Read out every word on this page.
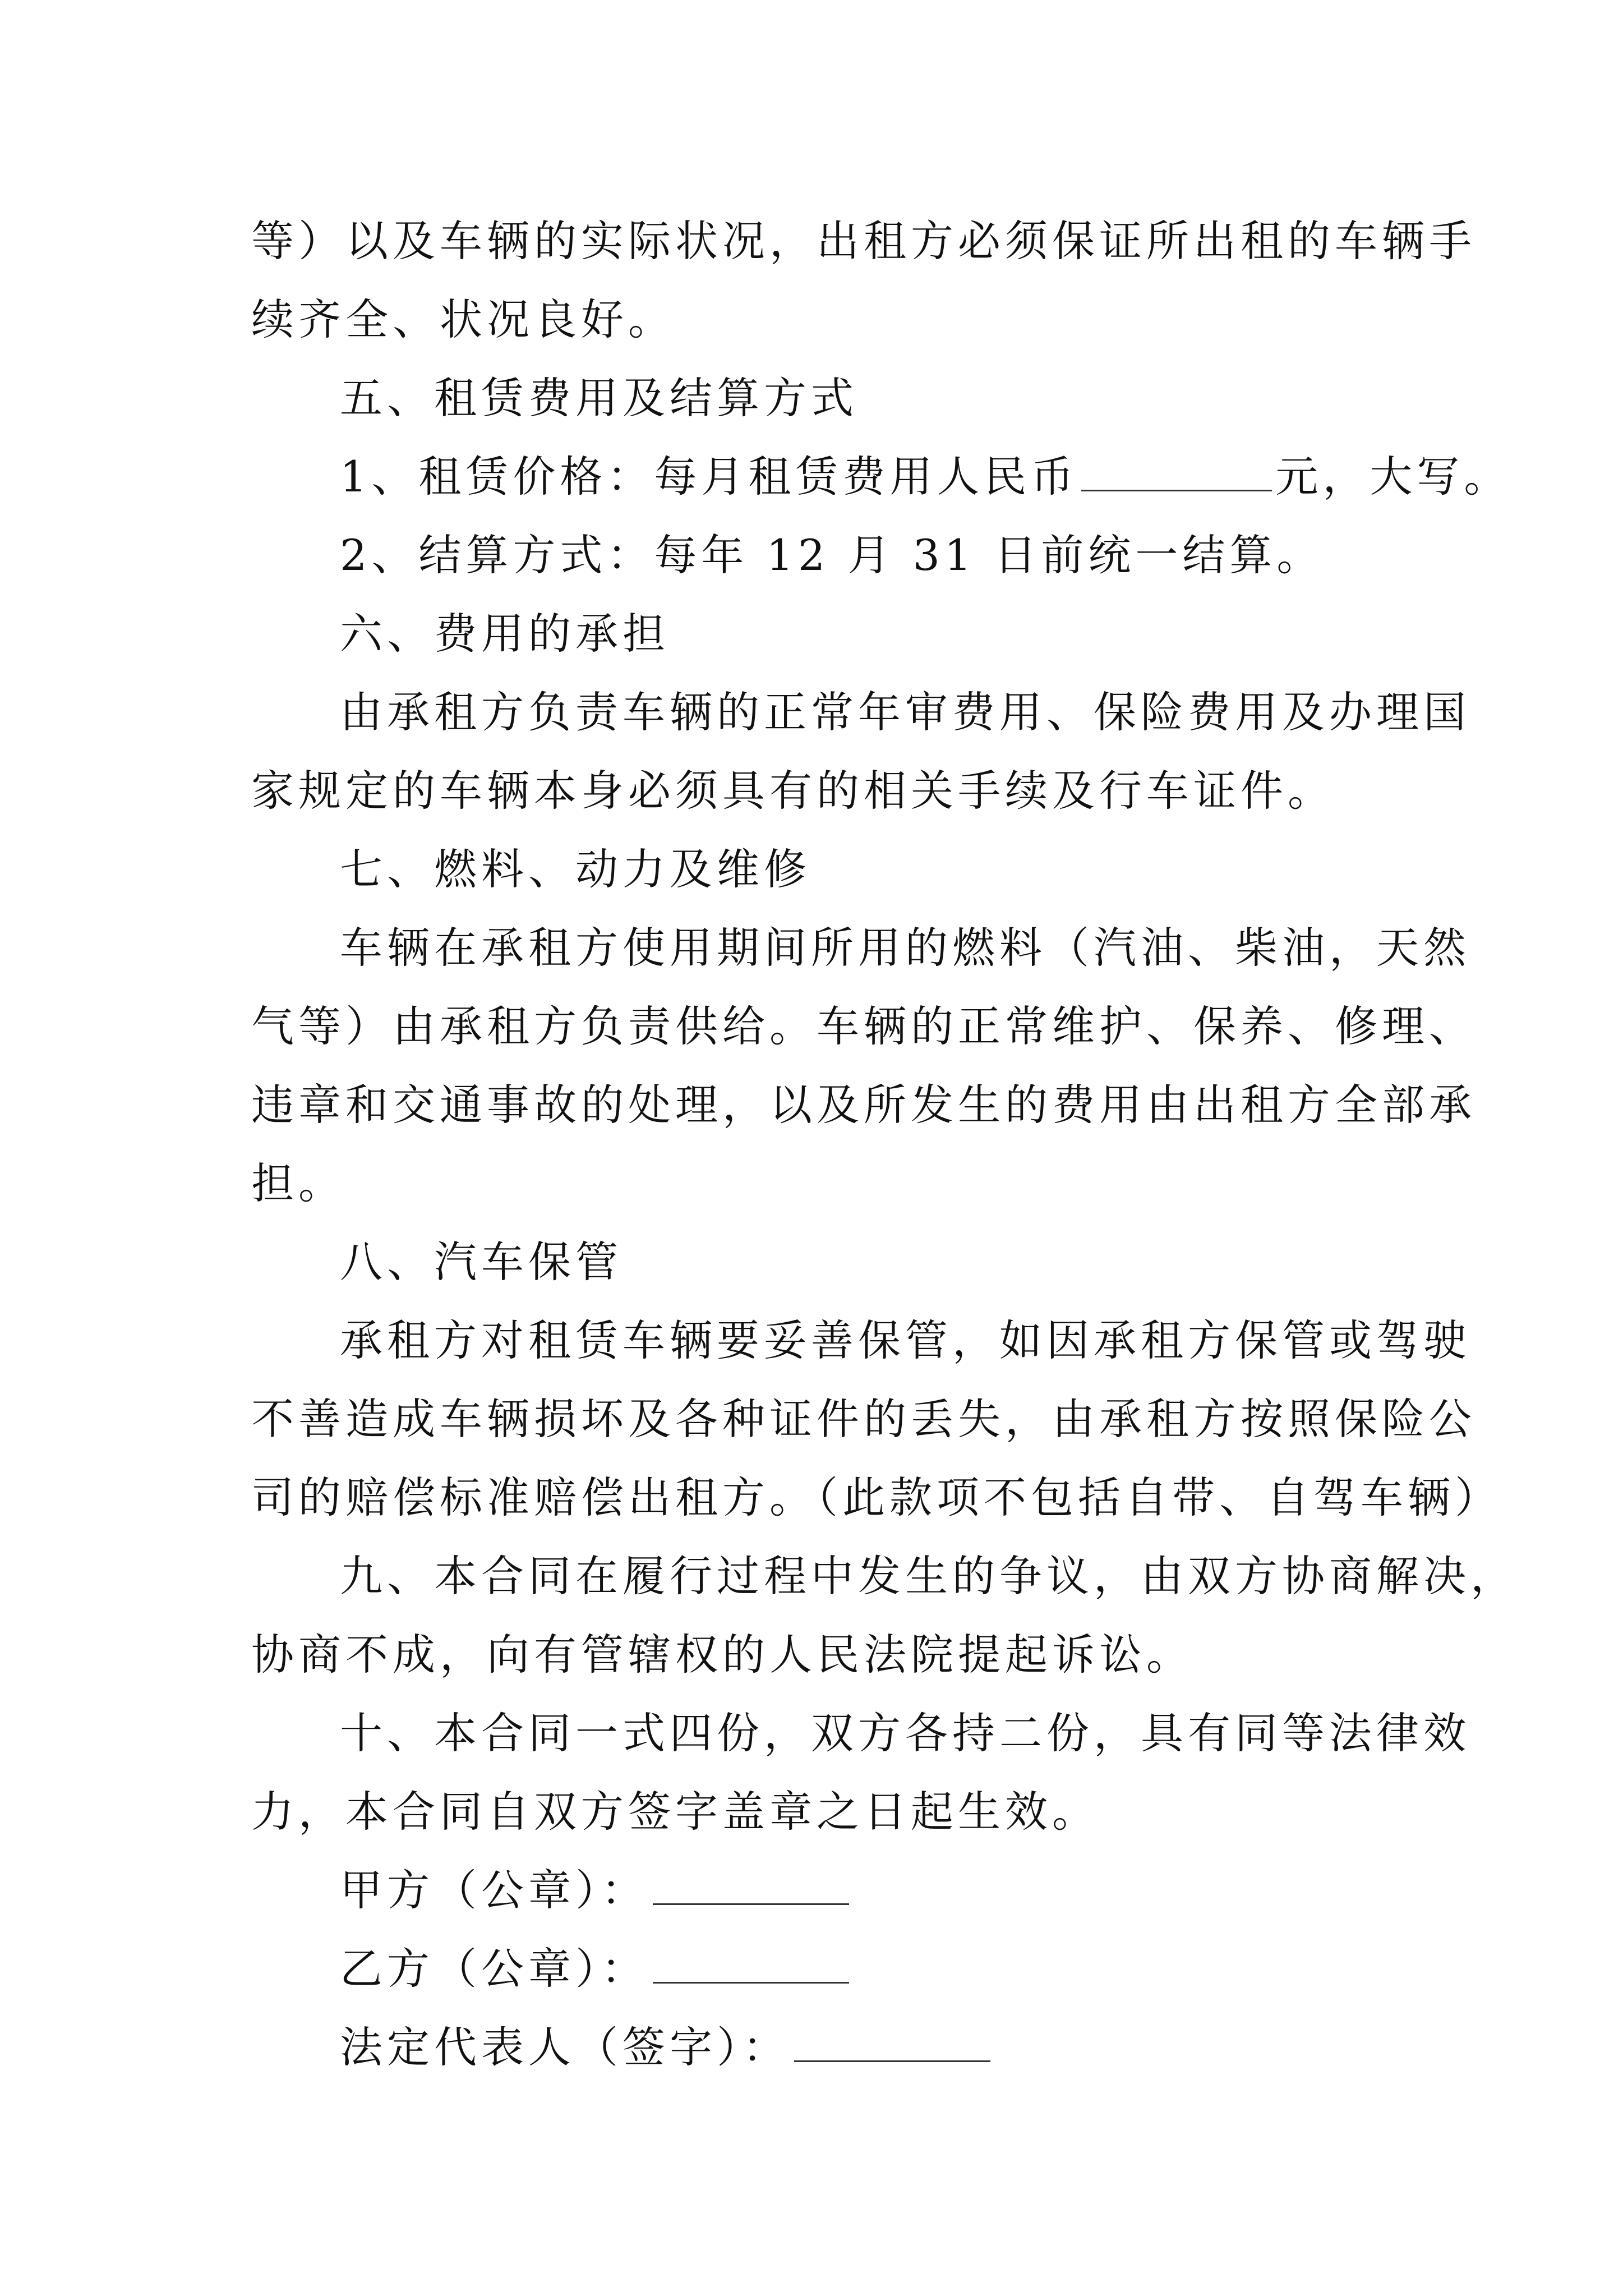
等）以及车辆的实际状况，出租方必须保证所出租的车辆手
续齐全、状况良好。
五、租赁费用及结算方式
1、租赁价格：每月租赁费用人民币	元，大写。
2、结算方式：每年 12 月 31 日前统一结算。
六、费用的承担
由承租方负责车辆的正常年审费用、保险费用及办理国
家规定的车辆本身必须具有的相关手续及行车证件。
七、燃料、动力及维修
车辆在承租方使用期间所用的燃料（汽油、柴油，天然
气等）由承租方负责供给。车辆的正常维护、保养、修理、
违章和交通事故的处理，以及所发生的费用由出租方全部承
担。
八、汽车保管
承租方对租赁车辆要妥善保管，如因承租方保管或驾驶
不善造成车辆损坏及各种证件的丢失，由承租方按照保险公
司的赔偿标准赔偿出租方。（此款项不包括自带、自驾车辆）
九、本合同在履行过程中发生的争议，由双方协商解决，
协商不成，向有管辖权的人民法院提起诉讼。
十、本合同一式四份，双方各持二份，具有同等法律效
力，本合同自双方签字盖章之日起生效。
甲方（公章）：
乙方（公章）：
法定代表人（签字）：
